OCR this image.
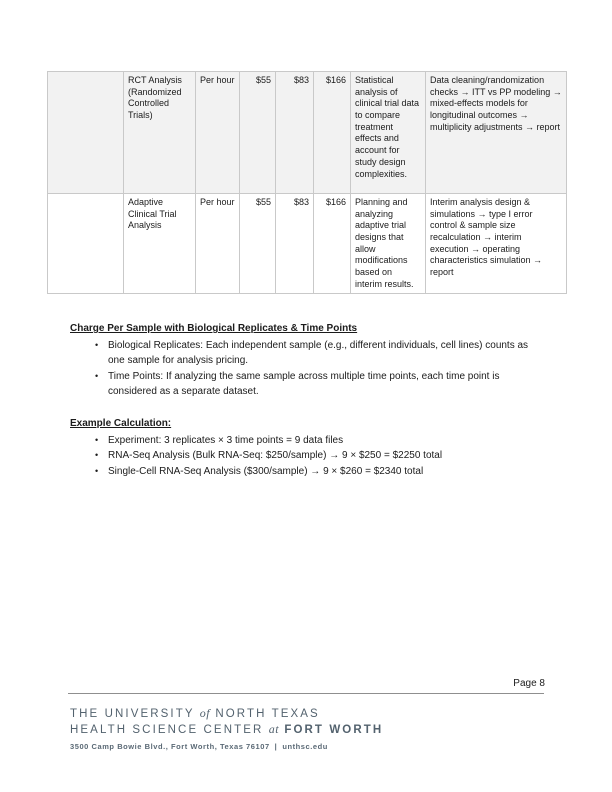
	RCT Analysis (Randomized Controlled Trials)	Per hour	$55	$83	$166	Statistical analysis of clinical trial data to compare treatment effects and account for study design complexities.	Data cleaning/randomization checks → ITT vs PP modeling → mixed-effects models for longitudinal outcomes → multiplicity adjustments → report
	Adaptive Clinical Trial Analysis	Per hour	$55	$83	$166	Planning and analyzing adaptive trial designs that allow modifications based on interim results.	Interim analysis design & simulations → type I error control & sample size recalculation → interim execution → operating characteristics simulation → report
Charge Per Sample with Biological Replicates & Time Points
• Biological Replicates: Each independent sample (e.g., different individuals, cell lines) counts as one sample for analysis pricing.
• Time Points: If analyzing the same sample across multiple time points, each time point is considered as a separate dataset.
Example Calculation:
• Experiment: 3 replicates × 3 time points = 9 data files
• RNA-Seq Analysis (Bulk RNA-Seq: $250/sample) → 9 × $250 = $2250 total
• Single-Cell RNA-Seq Analysis ($300/sample) → 9 × $260 = $2340 total
Page 8
THE UNIVERSITY of NORTH TEXAS
HEALTH SCIENCE CENTER at FORT WORTH
3500 Camp Bowie Blvd., Fort Worth, Texas 76107 | unthsc.edu
